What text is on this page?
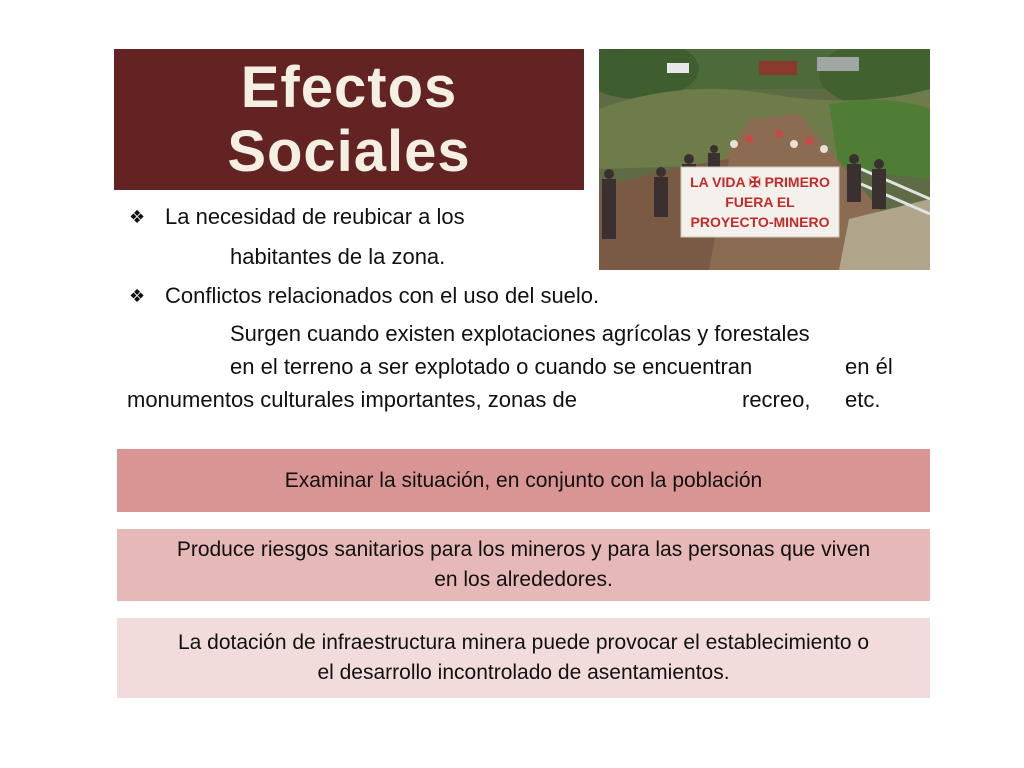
Efectos
Sociales	LA VIDA ✠ PRIMERO
FUERA EL
PROYECTO-MINERO
❖ La necesidad de reubicar a los
habitantes de la zona.
❖ Conflictos relacionados con el uso del suelo.
Surgen cuando existen explotaciones agrícolas y forestales
en el terreno a ser explotado o cuando se encuentran	en él
monumentos culturales importantes, zonas de	recreo, etc.
Examinar la situación, en conjunto con la población
Produce riesgos sanitarios para los mineros y para las personas que viven
en los alrededores.
La dotación de infraestructura minera puede provocar el establecimiento o
el desarrollo incontrolado de asentamientos.
